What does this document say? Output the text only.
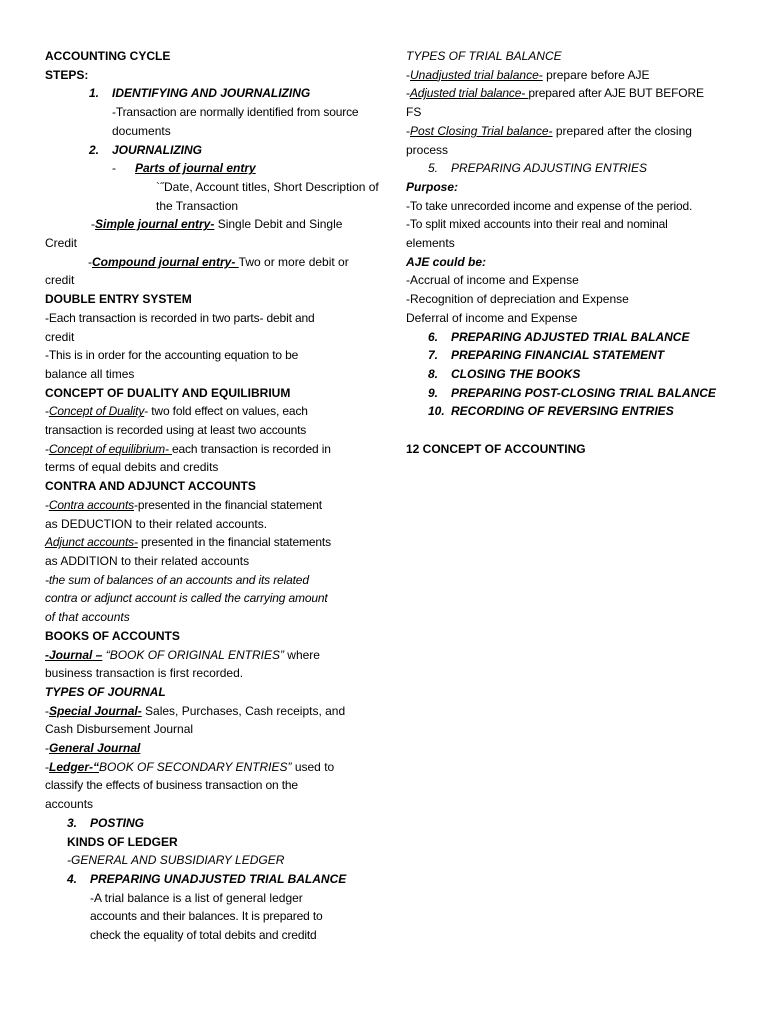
ACCOUNTING CYCLE
STEPS:
1. IDENTIFYING AND JOURNALIZING
-Transaction are normally identified from source
documents
2. JOURNALIZING
- Parts of journal entry
`˝Date, Account titles, Short Description of
the Transaction
-Simple journal entry- Single Debit and Single
Credit
-Compound journal entry- Two or more debit or
credit
DOUBLE ENTRY SYSTEM
-Each transaction is recorded in two parts- debit and
credit
-This is in order for the accounting equation to be
balance all times
CONCEPT OF DUALITY AND EQUILIBRIUM
-Concept of Duality- two fold effect on values, each
transaction is recorded using at least two accounts
-Concept of equilibrium- each transaction is recorded in
terms of equal debits and credits
CONTRA AND ADJUNCT ACCOUNTS
-Contra accounts-presented in the financial statement
as DEDUCTION to their related accounts.
Adjunct accounts- presented in the financial statements
as ADDITION to their related accounts
-the sum of balances of an accounts and its related
contra or adjunct account is called the carrying amount
of that accounts
BOOKS OF ACCOUNTS
-Journal – “BOOK OF ORIGINAL ENTRIES” where
business transaction is first recorded.
TYPES OF JOURNAL
-Special Journal- Sales, Purchases, Cash receipts, and
Cash Disbursement Journal
-General Journal
-Ledger-“BOOK OF SECONDARY ENTRIES” used to
classify the effects of business transaction on the
accounts
3. POSTING
KINDS OF LEDGER
-GENERAL AND SUBSIDIARY LEDGER
4. PREPARING UNADJUSTED TRIAL BALANCE
-A trial balance is a list of general ledger
accounts and their balances. It is prepared to
check the equality of total debits and creditd
TYPES OF TRIAL BALANCE
-Unadjusted trial balance- prepare before AJE
-Adjusted trial balance- prepared after AJE BUT BEFORE
FS
-Post Closing Trial balance- prepared after the closing
process
5. PREPARING ADJUSTING ENTRIES
Purpose:
-To take unrecorded income and expense of the period.
-To split mixed accounts into their real and nominal
elements
AJE could be:
-Accrual of income and Expense
-Recognition of depreciation and Expense
Deferral of income and Expense
6. PREPARING ADJUSTED TRIAL BALANCE
7. PREPARING FINANCIAL STATEMENT
8. CLOSING THE BOOKS
9. PREPARING POST-CLOSING TRIAL BALANCE
10. RECORDING OF REVERSING ENTRIES
12 CONCEPT OF ACCOUNTING
